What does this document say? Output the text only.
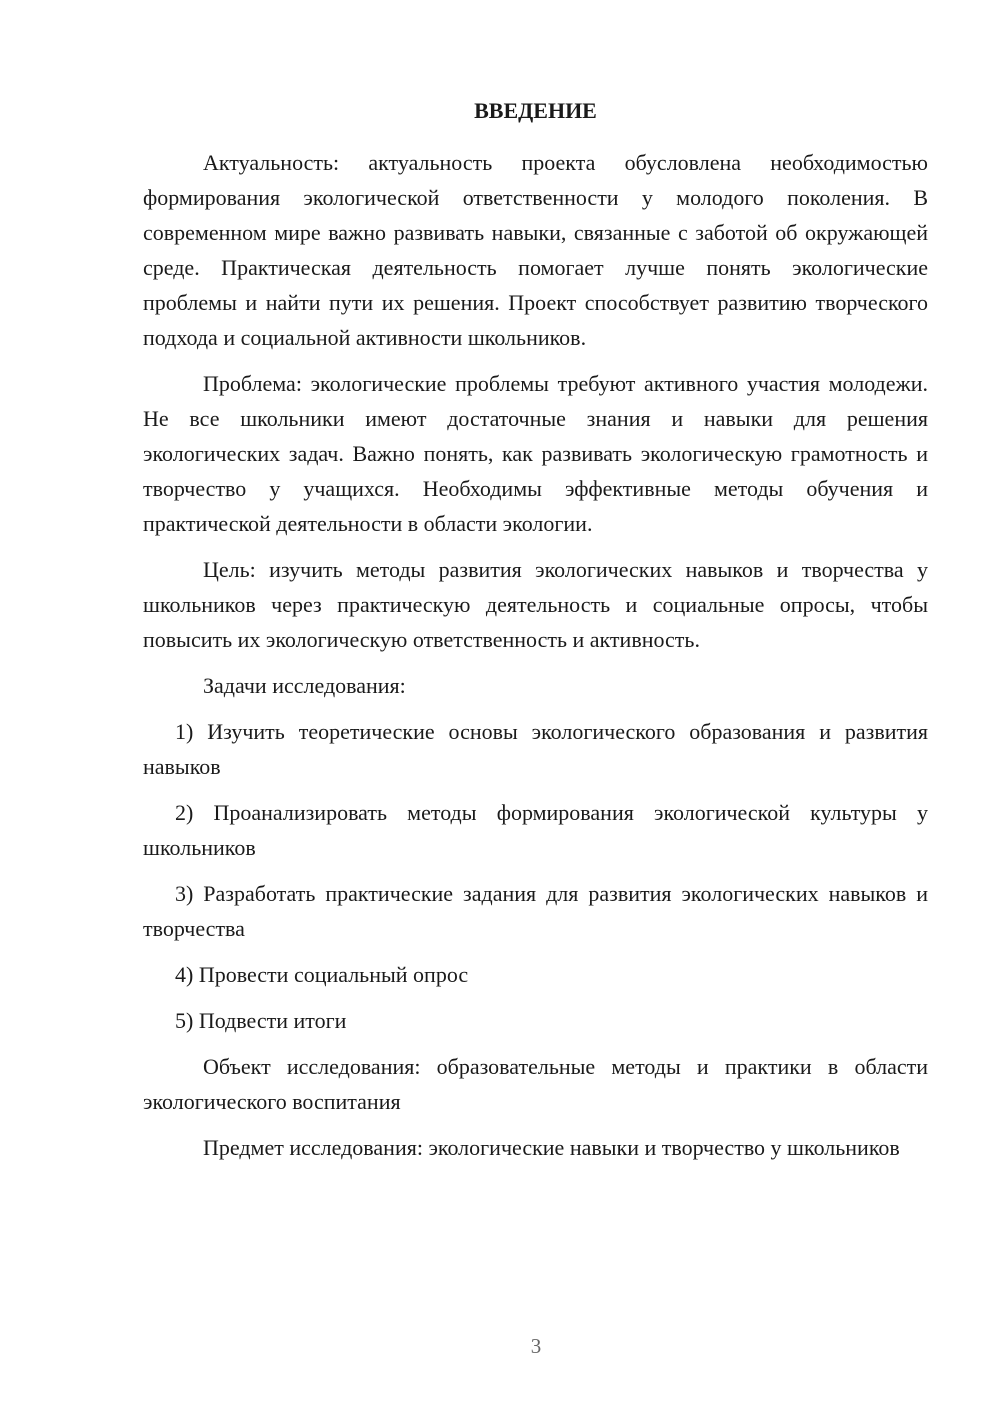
ВВЕДЕНИЕ

Актуальность: актуальность проекта обусловлена необходимостью формирования экологической ответственности у молодого поколения. В современном мире важно развивать навыки, связанные с заботой об окружающей среде. Практическая деятельность помогает лучше понять экологические проблемы и найти пути их решения. Проект способствует развитию творческого подхода и социальной активности школьников.

Проблема: экологические проблемы требуют активного участия молодежи. Не все школьники имеют достаточные знания и навыки для решения экологических задач. Важно понять, как развивать экологическую грамотность и творчество у учащихся. Необходимы эффективные методы обучения и практической деятельности в области экологии.

Цель: изучить методы развития экологических навыков и творчества у школьников через практическую деятельность и социальные опросы, чтобы повысить их экологическую ответственность и активность.

Задачи исследования:

1) Изучить теоретические основы экологического образования и развития навыков
2) Проанализировать методы формирования экологической культуры у школьников
3) Разработать практические задания для развития экологических навыков и творчества
4) Провести социальный опрос
5) Подвести итоги

Объект исследования: образовательные методы и практики в области экологического воспитания

Предмет исследования: экологические навыки и творчество у школьников

3
